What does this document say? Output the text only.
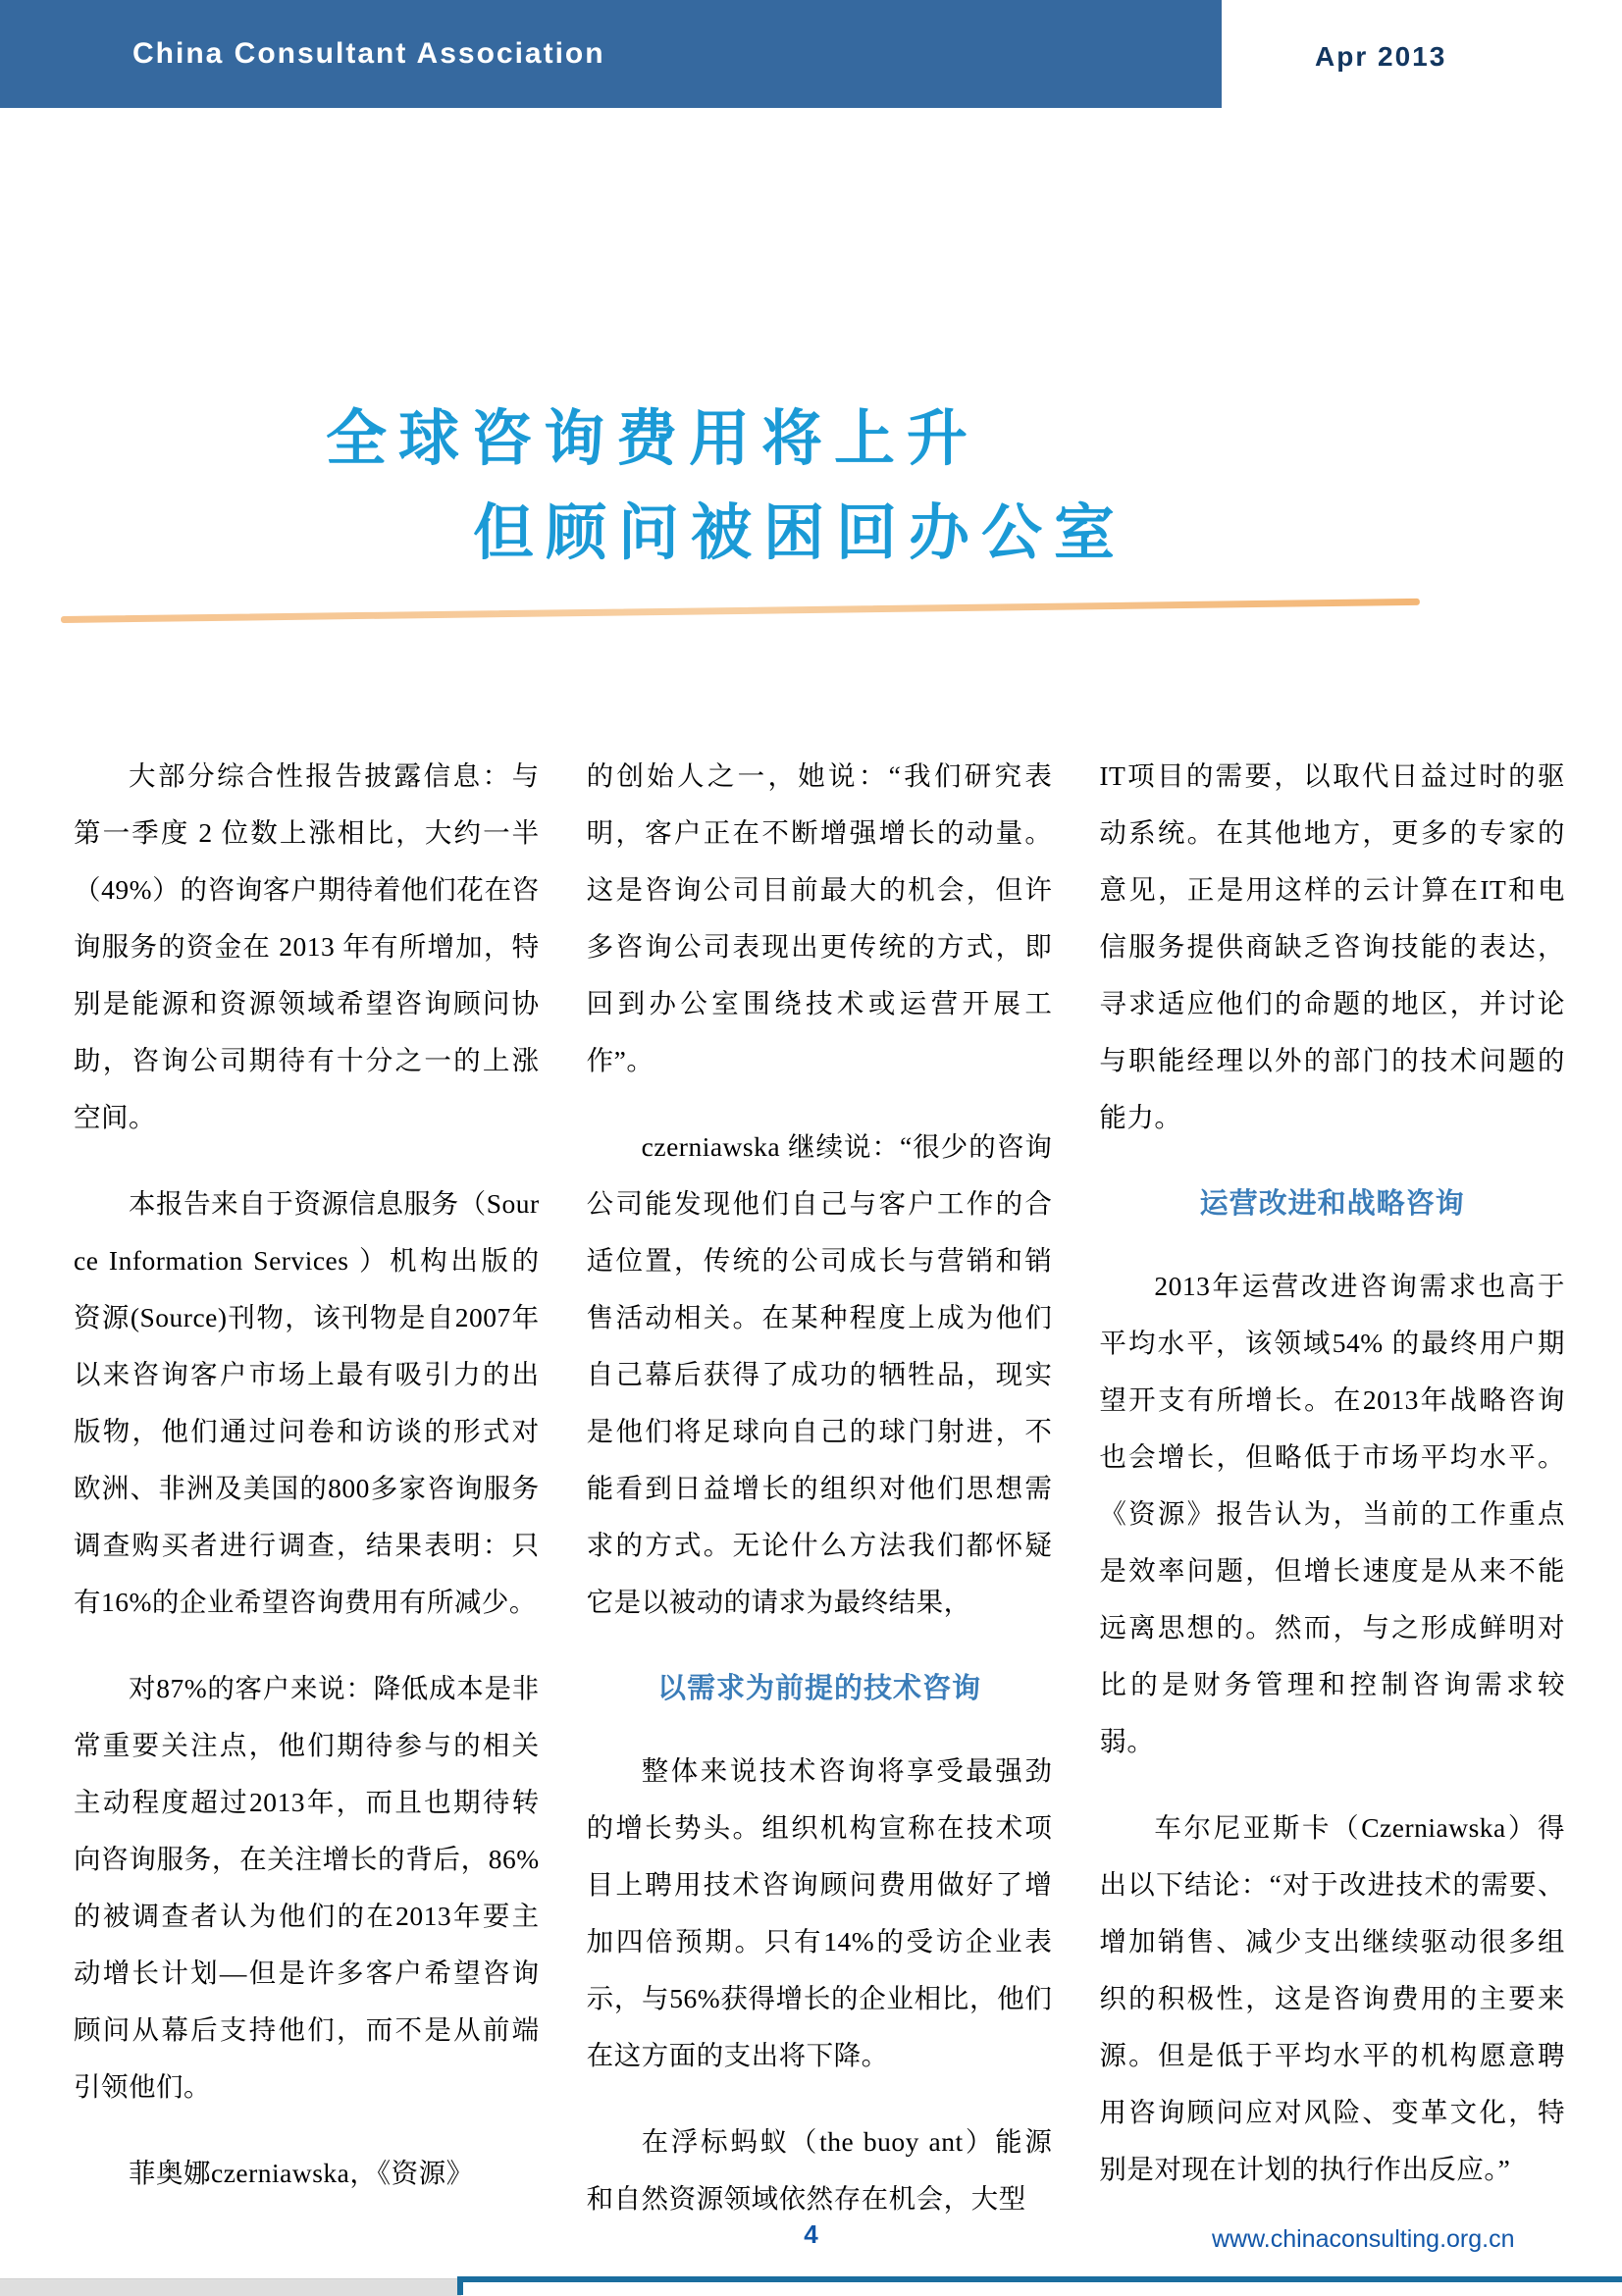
China Consultant Association	Apr 2013
全球咨询费用将上升
但顾问被困回办公室

大部分综合性报告披露信息：与第一季度 2 位数上涨相比，大约一半（49%）的咨询客户期待着他们花在咨询服务的资金在 2013 年有所增加，特别是能源和资源领域希望咨询顾问协助，咨询公司期待有十分之一的上涨空间。

本报告来自于资源信息服务（Source Information Services ）机构出版的资源(Source)刊物，该刊物是自2007年以来咨询客户市场上最有吸引力的出版物，他们通过问卷和访谈的形式对欧洲、非洲及美国的800多家咨询服务调查购买者进行调查，结果表明：只有16%的企业希望咨询费用有所减少。

对87%的客户来说：降低成本是非常重要关注点，他们期待参与的相关主动程度超过2013年，而且也期待转向咨询服务，在关注增长的背后，86%的被调查者认为他们的在2013年要主动增长计划—但是许多客户希望咨询顾问从幕后支持他们，而不是从前端引领他们。

菲奥娜czerniawska，《资源》

的创始人之一，她说：“我们研究表明，客户正在不断增强增长的动量。这是咨询公司目前最大的机会，但许多咨询公司表现出更传统的方式，即回到办公室围绕技术或运营开展工作”。

czerniawska 继续说：“很少的咨询公司能发现他们自己与客户工作的合适位置，传统的公司成长与营销和销售活动相关。在某种程度上成为他们自己幕后获得了成功的牺牲品，现实是他们将足球向自己的球门射进，不能看到日益增长的组织对他们思想需求的方式。无论什么方法我们都怀疑它是以被动的请求为最终结果，

以需求为前提的技术咨询

整体来说技术咨询将享受最强劲的增长势头。组织机构宣称在技术项目上聘用技术咨询顾问费用做好了增加四倍预期。只有14%的受访企业表示，与56%获得增长的企业相比，他们在这方面的支出将下降。

在浮标蚂蚁（the buoy ant）能源和自然资源领域依然存在机会，大型

IT项目的需要，以取代日益过时的驱动系统。在其他地方，更多的专家的意见，正是用这样的云计算在IT和电信服务提供商缺乏咨询技能的表达，寻求适应他们的命题的地区，并讨论与职能经理以外的部门的技术问题的能力。

运营改进和战略咨询

2013年运营改进咨询需求也高于平均水平，该领域54% 的最终用户期望开支有所增长。在2013年战略咨询也会增长，但略低于市场平均水平。《资源》报告认为，当前的工作重点是效率问题，但增长速度是从来不能远离思想的。然而，与之形成鲜明对比的是财务管理和控制咨询需求较弱。

车尔尼亚斯卡（Czerniawska）得出以下结论：“对于改进技术的需要、增加销售、减少支出继续驱动很多组织的积极性，这是咨询费用的主要来源。但是低于平均水平的机构愿意聘用咨询顾问应对风险、变革文化，特别是对现在计划的执行作出反应。”

4	www.chinaconsulting.org.cn
